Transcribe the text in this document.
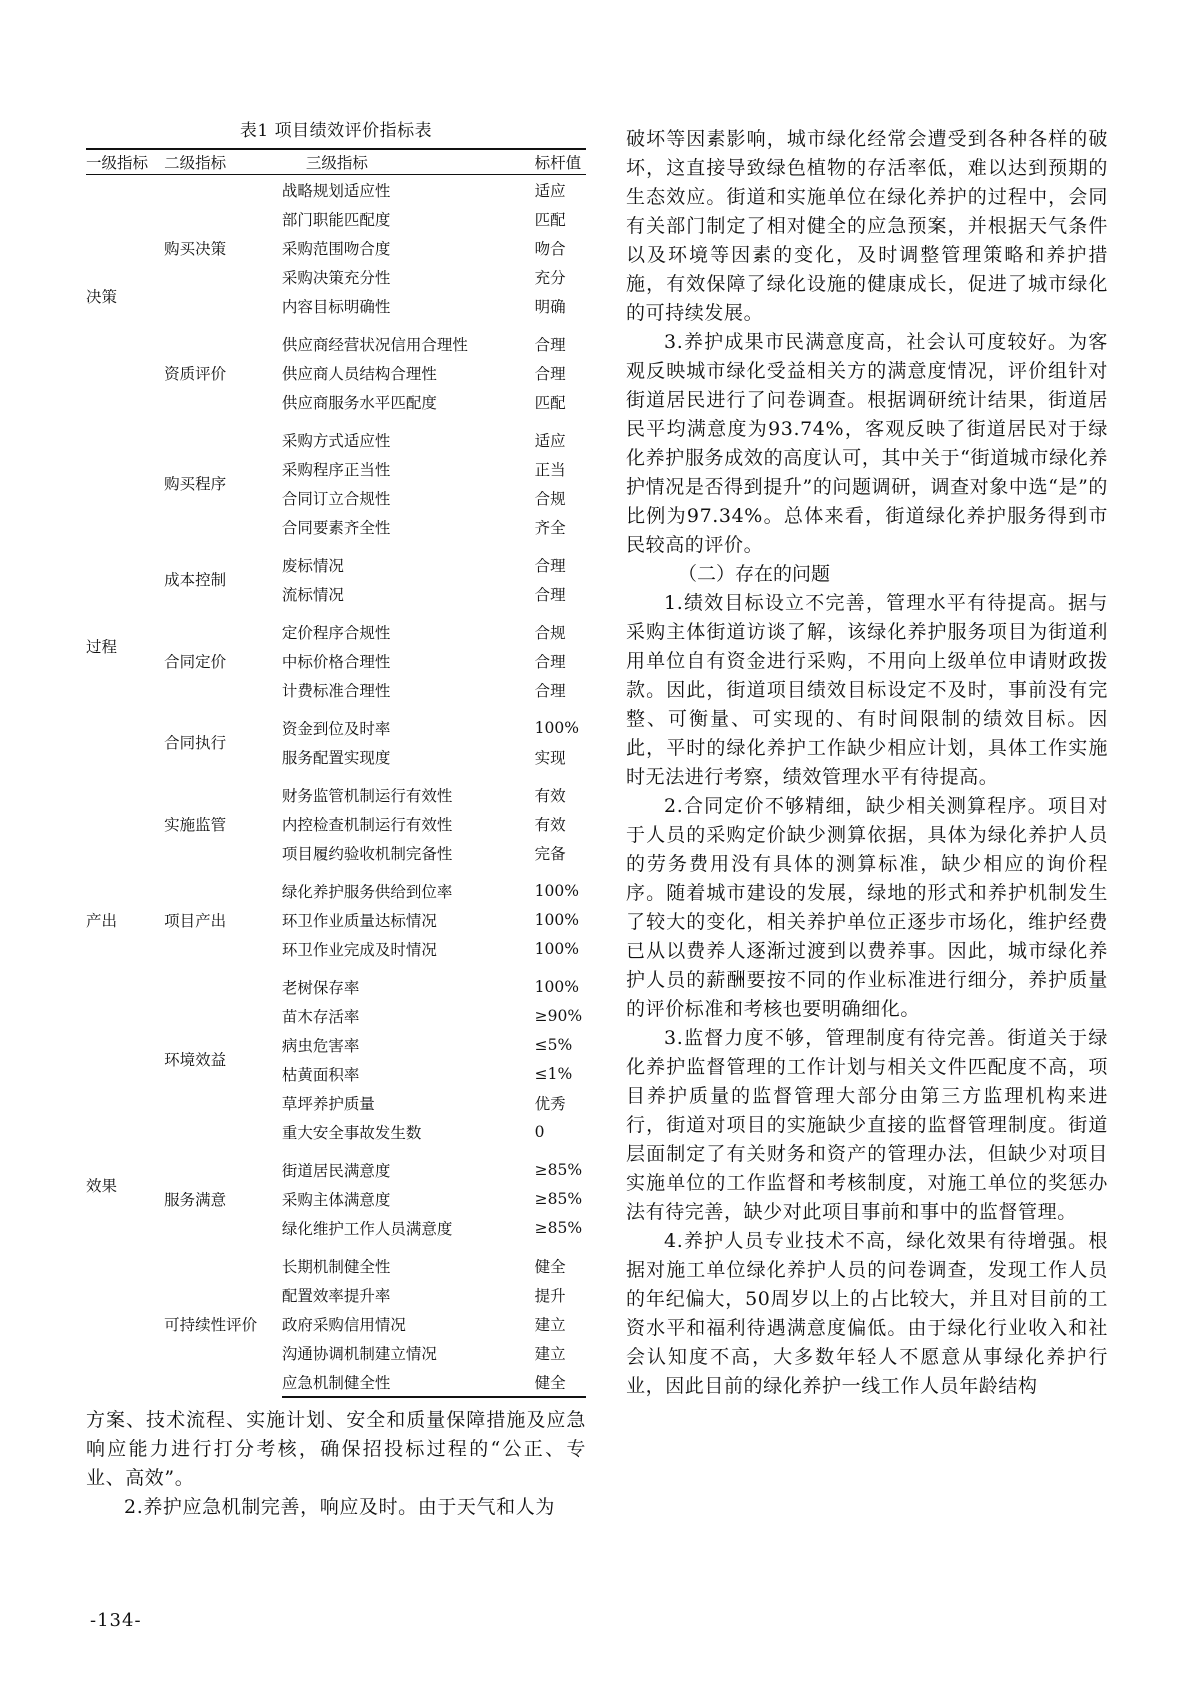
表1 项目绩效评价指标表
一级指标	二级指标	三级指标	标杆值
决策	购买决策	战略规划适应性	适应
		部门职能匹配度	匹配
		采购范围吻合度	吻合
		采购决策充分性	充分
		内容目标明确性	明确
	资质评价	供应商经营状况信用合理性	合理
		供应商人员结构合理性	合理
		供应商服务水平匹配度	匹配
过程	购买程序	采购方式适应性	适应
		采购程序正当性	正当
		合同订立合规性	合规
		合同要素齐全性	齐全
	成本控制	废标情况	合理
		流标情况	合理
	合同定价	定价程序合规性	合规
		中标价格合理性	合理
		计费标准合理性	合理
	合同执行	资金到位及时率	100%
		服务配置实现度	实现
	实施监管	财务监管机制运行有效性	有效
		内控检查机制运行有效性	有效
		项目履约验收机制完备性	完备
产出	项目产出	绿化养护服务供给到位率	100%
		环卫作业质量达标情况	100%
		环卫作业完成及时情况	100%
效果	环境效益	老树保存率	100%
		苗木存活率	≥90%
		病虫危害率	≤5%
		枯黄面积率	≤1%
		草坪养护质量	优秀
		重大安全事故发生数	0
	服务满意	街道居民满意度	≥85%
		采购主体满意度	≥85%
		绿化维护工作人员满意度	≥85%
	可持续性评价	长期机制健全性	健全
		配置效率提升率	提升
		政府采购信用情况	建立
		沟通协调机制建立情况	建立
		应急机制健全性	健全

方案、技术流程、实施计划、安全和质量保障措施及应急响应能力进行打分考核，确保招投标过程的“公正、专业、高效”。

2.养护应急机制完善，响应及时。由于天气和人为

破坏等因素影响，城市绿化经常会遭受到各种各样的破坏，这直接导致绿色植物的存活率低，难以达到预期的生态效应。街道和实施单位在绿化养护的过程中，会同有关部门制定了相对健全的应急预案，并根据天气条件以及环境等因素的变化，及时调整管理策略和养护措施，有效保障了绿化设施的健康成长，促进了城市绿化的可持续发展。

3.养护成果市民满意度高，社会认可度较好。为客观反映城市绿化受益相关方的满意度情况，评价组针对街道居民进行了问卷调查。根据调研统计结果，街道居民平均满意度为93.74%，客观反映了街道居民对于绿化养护服务成效的高度认可，其中关于“街道城市绿化养护情况是否得到提升”的问题调研，调查对象中选“是”的比例为97.34%。总体来看，街道绿化养护服务得到市民较高的评价。

（二）存在的问题

1.绩效目标设立不完善，管理水平有待提高。据与采购主体街道访谈了解，该绿化养护服务项目为街道利用单位自有资金进行采购，不用向上级单位申请财政拨款。因此，街道项目绩效目标设定不及时，事前没有完整、可衡量、可实现的、有时间限制的绩效目标。因此，平时的绿化养护工作缺少相应计划，具体工作实施时无法进行考察，绩效管理水平有待提高。

2.合同定价不够精细，缺少相关测算程序。项目对于人员的采购定价缺少测算依据，具体为绿化养护人员的劳务费用没有具体的测算标准，缺少相应的询价程序。随着城市建设的发展，绿地的形式和养护机制发生了较大的变化，相关养护单位正逐步市场化，维护经费已从以费养人逐渐过渡到以费养事。因此，城市绿化养护人员的薪酬要按不同的作业标准进行细分，养护质量的评价标准和考核也要明确细化。

3.监督力度不够，管理制度有待完善。街道关于绿化养护监督管理的工作计划与相关文件匹配度不高，项目养护质量的监督管理大部分由第三方监理机构来进行，街道对项目的实施缺少直接的监督管理制度。街道层面制定了有关财务和资产的管理办法，但缺少对项目实施单位的工作监督和考核制度，对施工单位的奖惩办法有待完善，缺少对此项目事前和事中的监督管理。

4.养护人员专业技术不高，绿化效果有待增强。根据对施工单位绿化养护人员的问卷调查，发现工作人员的年纪偏大，50周岁以上的占比较大，并且对目前的工资水平和福利待遇满意度偏低。由于绿化行业收入和社会认知度不高，大多数年轻人不愿意从事绿化养护行业，因此目前的绿化养护一线工作人员年龄结构

-134-
